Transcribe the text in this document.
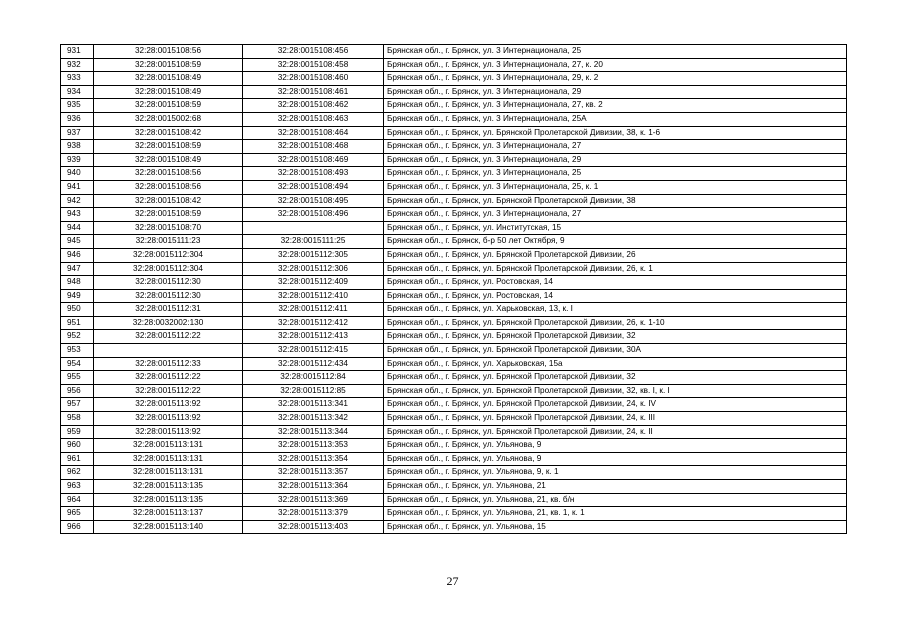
931	32:28:0015108:56	32:28:0015108:456	Брянская обл., г. Брянск, ул. 3 Интернационала, 25
932	32:28:0015108:59	32:28:0015108:458	Брянская обл., г. Брянск, ул. 3 Интернационала, 27, к. 20
933	32:28:0015108:49	32:28:0015108:460	Брянская обл., г. Брянск, ул. 3 Интернационала, 29, к. 2
934	32:28:0015108:49	32:28:0015108:461	Брянская обл., г. Брянск, ул. 3 Интернационала, 29
935	32:28:0015108:59	32:28:0015108:462	Брянская обл., г. Брянск, ул. 3 Интернационала, 27, кв. 2
936	32:28:0015002:68	32:28:0015108:463	Брянская обл., г. Брянск, ул. 3 Интернационала, 25А
937	32:28:0015108:42	32:28:0015108:464	Брянская обл., г. Брянск, ул. Брянской Пролетарской Дивизии, 38, к. 1-6
938	32:28:0015108:59	32:28:0015108:468	Брянская обл., г. Брянск, ул. 3 Интернационала, 27
939	32:28:0015108:49	32:28:0015108:469	Брянская обл., г. Брянск, ул. 3 Интернационала, 29
940	32:28:0015108:56	32:28:0015108:493	Брянская обл., г. Брянск, ул. 3 Интернационала, 25
941	32:28:0015108:56	32:28:0015108:494	Брянская обл., г. Брянск, ул. 3 Интернационала, 25, к. 1
942	32:28:0015108:42	32:28:0015108:495	Брянская обл., г. Брянск, ул. Брянской Пролетарской Дивизии, 38
943	32:28:0015108:59	32:28:0015108:496	Брянская обл., г. Брянск, ул. 3 Интернационала, 27
944	32:28:0015108:70		Брянская обл., г. Брянск, ул. Институтская, 15
945	32:28:0015111:23	32:28:0015111:25	Брянская обл., г. Брянск, б-р 50 лет Октября, 9
946	32:28:0015112:304	32:28:0015112:305	Брянская обл., г. Брянск, ул. Брянской Пролетарской Дивизии, 26
947	32:28:0015112:304	32:28:0015112:306	Брянская обл., г. Брянск, ул. Брянской Пролетарской Дивизии, 26, к. 1
948	32:28:0015112:30	32:28:0015112:409	Брянская обл., г. Брянск, ул. Ростовская, 14
949	32:28:0015112:30	32:28:0015112:410	Брянская обл., г. Брянск, ул. Ростовская, 14
950	32:28:0015112:31	32:28:0015112:411	Брянская обл., г. Брянск, ул. Харьковская, 13, к. I
951	32:28:0032002:130	32:28:0015112:412	Брянская обл., г. Брянск, ул. Брянской Пролетарской Дивизии, 26, к. 1-10
952	32:28:0015112:22	32:28:0015112:413	Брянская обл., г. Брянск, ул. Брянской Пролетарской Дивизии, 32
953		32:28:0015112:415	Брянская обл., г. Брянск, ул. Брянской Пролетарской Дивизии, 30А
954	32:28:0015112:33	32:28:0015112:434	Брянская обл., г. Брянск, ул. Харьковская, 15а
955	32:28:0015112:22	32:28:0015112:84	Брянская обл., г. Брянск, ул. Брянской Пролетарской Дивизии, 32
956	32:28:0015112:22	32:28:0015112:85	Брянская обл., г. Брянск, ул. Брянской Пролетарской Дивизии, 32, кв. I, к. I
957	32:28:0015113:92	32:28:0015113:341	Брянская обл., г. Брянск, ул. Брянской Пролетарской Дивизии, 24, к. IV
958	32:28:0015113:92	32:28:0015113:342	Брянская обл., г. Брянск, ул. Брянской Пролетарской Дивизии, 24, к. III
959	32:28:0015113:92	32:28:0015113:344	Брянская обл., г. Брянск, ул. Брянской Пролетарской Дивизии, 24, к. II
960	32:28:0015113:131	32:28:0015113:353	Брянская обл., г. Брянск, ул. Ульянова, 9
961	32:28:0015113:131	32:28:0015113:354	Брянская обл., г. Брянск, ул. Ульянова, 9
962	32:28:0015113:131	32:28:0015113:357	Брянская обл., г. Брянск, ул. Ульянова, 9, к. 1
963	32:28:0015113:135	32:28:0015113:364	Брянская обл., г. Брянск, ул. Ульянова, 21
964	32:28:0015113:135	32:28:0015113:369	Брянская обл., г. Брянск, ул. Ульянова, 21, кв. б/н
965	32:28:0015113:137	32:28:0015113:379	Брянская обл., г. Брянск, ул. Ульянова, 21, кв. 1, к. 1
966	32:28:0015113:140	32:28:0015113:403	Брянская обл., г. Брянск, ул. Ульянова, 15
27
